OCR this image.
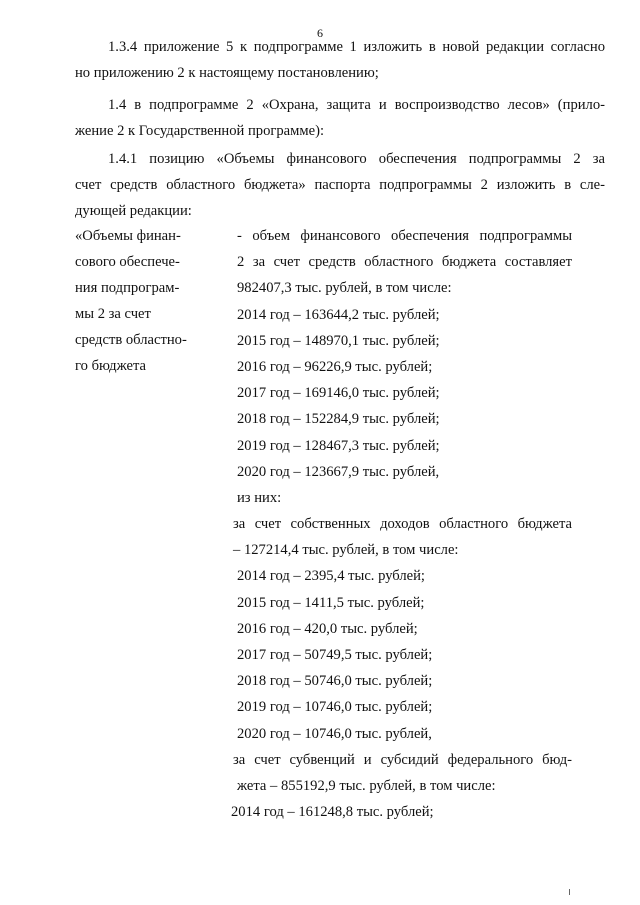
6
1.3.4 приложение 5 к подпрограмме 1 изложить в новой редакции согласно
но приложению 2 к настоящему постановлению;
1.4 в подпрограмме 2 «Охрана, защита и воспроизводство лесов» (прило-
жение 2 к Государственной программе):
1.4.1 позицию «Объемы финансового обеспечения подпрограммы 2 за
счет средств областного бюджета» паспорта подпрограммы 2 изложить в сле-
дующей редакции:
«Объемы финан-
сового обеспече-
ния подпрограм-
мы 2 за счет
средств областно-
го бюджета
- объем финансового обеспечения подпрограммы
2 за счет средств областного бюджета составляет
982407,3 тыс. рублей, в том числе:
2014 год – 163644,2 тыс. рублей;
2015 год – 148970,1 тыс. рублей;
2016 год – 96226,9 тыс. рублей;
2017 год – 169146,0 тыс. рублей;
2018 год – 152284,9 тыс. рублей;
2019 год – 128467,3 тыс. рублей;
2020 год – 123667,9 тыс. рублей,
из них:
за счет собственных доходов областного бюджета
– 127214,4 тыс. рублей, в том числе:
2014 год – 2395,4 тыс. рублей;
2015 год – 1411,5 тыс. рублей;
2016 год – 420,0 тыс. рублей;
2017 год – 50749,5 тыс. рублей;
2018 год – 50746,0 тыс. рублей;
2019 год – 10746,0 тыс. рублей;
2020 год – 10746,0 тыс. рублей,
за счет субвенций и субсидий федерального бюд-
жета – 855192,9 тыс. рублей, в том числе:
2014 год – 161248,8 тыс. рублей;
